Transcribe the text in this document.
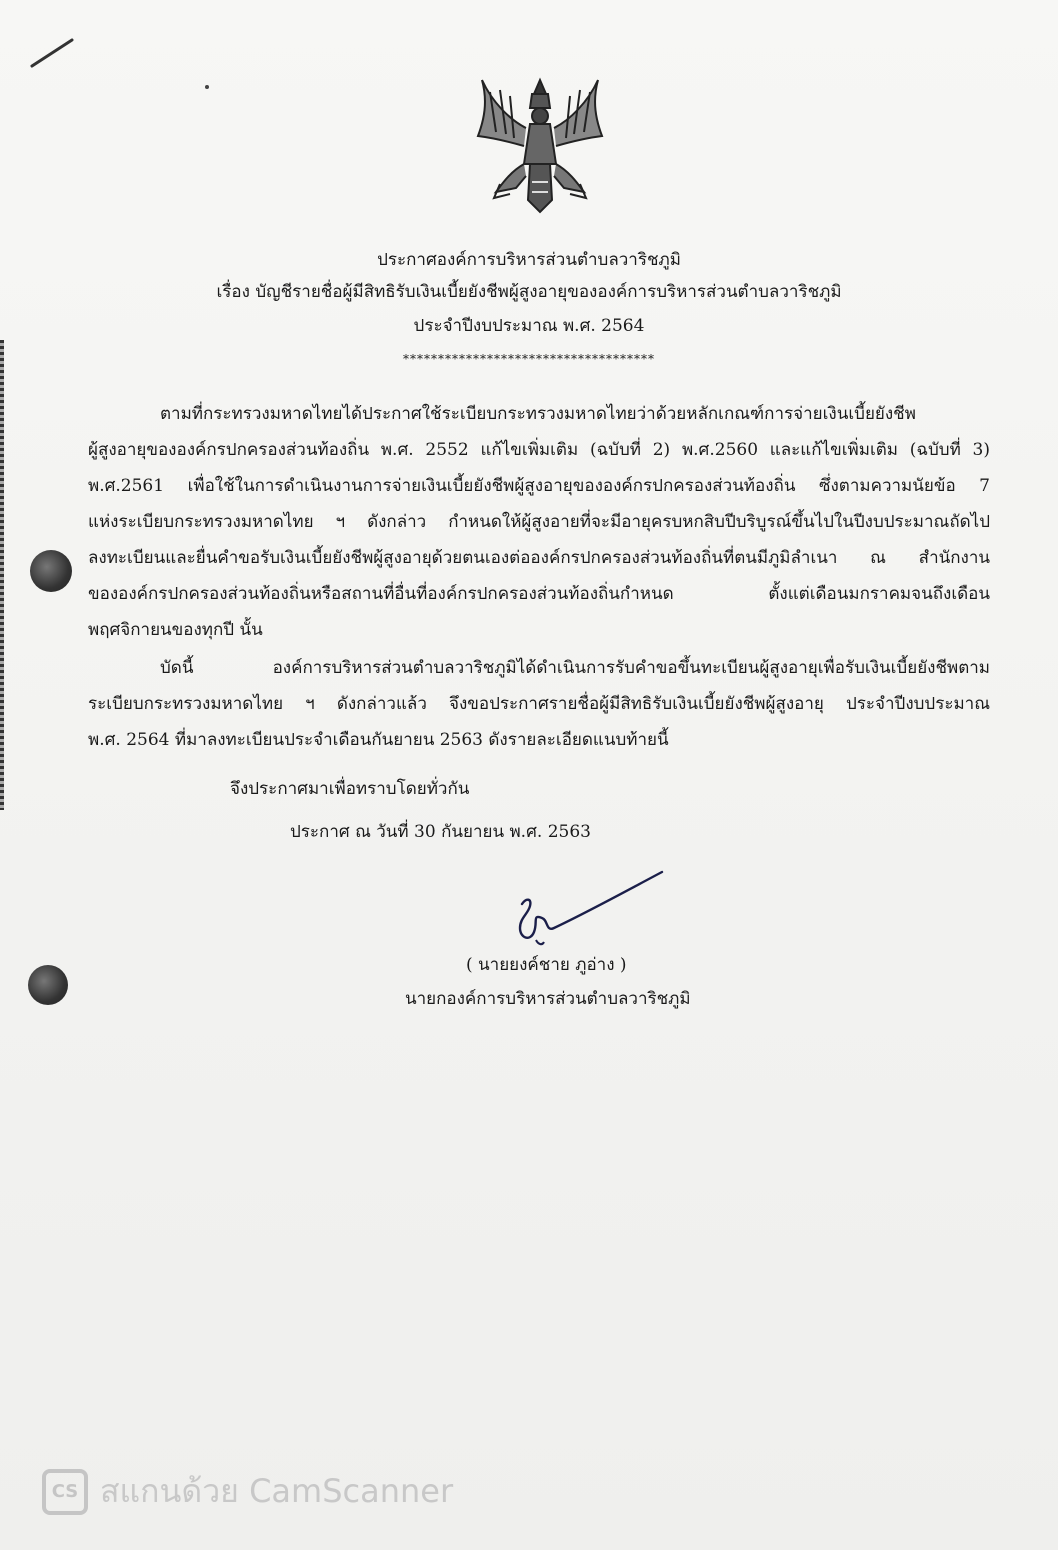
ประกาศองค์การบริหารส่วนตำบลวาริชภูมิ
เรื่อง บัญชีรายชื่อผู้มีสิทธิรับเงินเบี้ยยังชีพผู้สูงอายุขององค์การบริหารส่วนตำบลวาริชภูมิ
ประจำปีงบประมาณ พ.ศ. 2564
************************************
ตามที่กระทรวงมหาดไทยได้ประกาศใช้ระเบียบกระทรวงมหาดไทยว่าด้วยหลักเกณฑ์การจ่ายเงินเบี้ยยังชีพ
ผู้สูงอายุขององค์กรปกครองส่วนท้องถิ่น พ.ศ. 2552 แก้ไขเพิ่มเติม (ฉบับที่ 2) พ.ศ.2560 และแก้ไขเพิ่มเติม (ฉบับที่ 3)
พ.ศ.2561 เพื่อใช้ในการดำเนินงานการจ่ายเงินเบี้ยยังชีพผู้สูงอายุขององค์กรปกครองส่วนท้องถิ่น ซึ่งตามความนัยข้อ 7
แห่งระเบียบกระทรวงมหาดไทย ฯ ดังกล่าว กำหนดให้ผู้สูงอายที่จะมีอายุครบหกสิบปีบริบูรณ์ขึ้นไปในปีงบประมาณถัดไป
ลงทะเบียนและยื่นคำขอรับเงินเบี้ยยังชีพผู้สูงอายุด้วยตนเองต่อองค์กรปกครองส่วนท้องถิ่นที่ตนมีภูมิลำเนา ณ สำนักงาน
ขององค์กรปกครองส่วนท้องถิ่นหรือสถานที่อื่นที่องค์กรปกครองส่วนท้องถิ่นกำหนด ตั้งแต่เดือนมกราคมจนถึงเดือน
พฤศจิกายนของทุกปี นั้น
บัดนี้ องค์การบริหารส่วนตำบลวาริชภูมิได้ดำเนินการรับคำขอขึ้นทะเบียนผู้สูงอายุเพื่อรับเงินเบี้ยยังชีพตาม
ระเบียบกระทรวงมหาดไทย ฯ ดังกล่าวแล้ว จึงขอประกาศรายชื่อผู้มีสิทธิรับเงินเบี้ยยังชีพผู้สูงอายุ ประจำปีงบประมาณ
พ.ศ. 2564 ที่มาลงทะเบียนประจำเดือนกันยายน 2563 ดังรายละเอียดแนบท้ายนี้
จึงประกาศมาเพื่อทราบโดยทั่วกัน
ประกาศ ณ วันที่ 30 กันยายน พ.ศ. 2563
( นายยงค์ชาย ภูอ่าง )
นายกองค์การบริหารส่วนตำบลวาริชภูมิ
CS สแกนด้วย CamScanner
